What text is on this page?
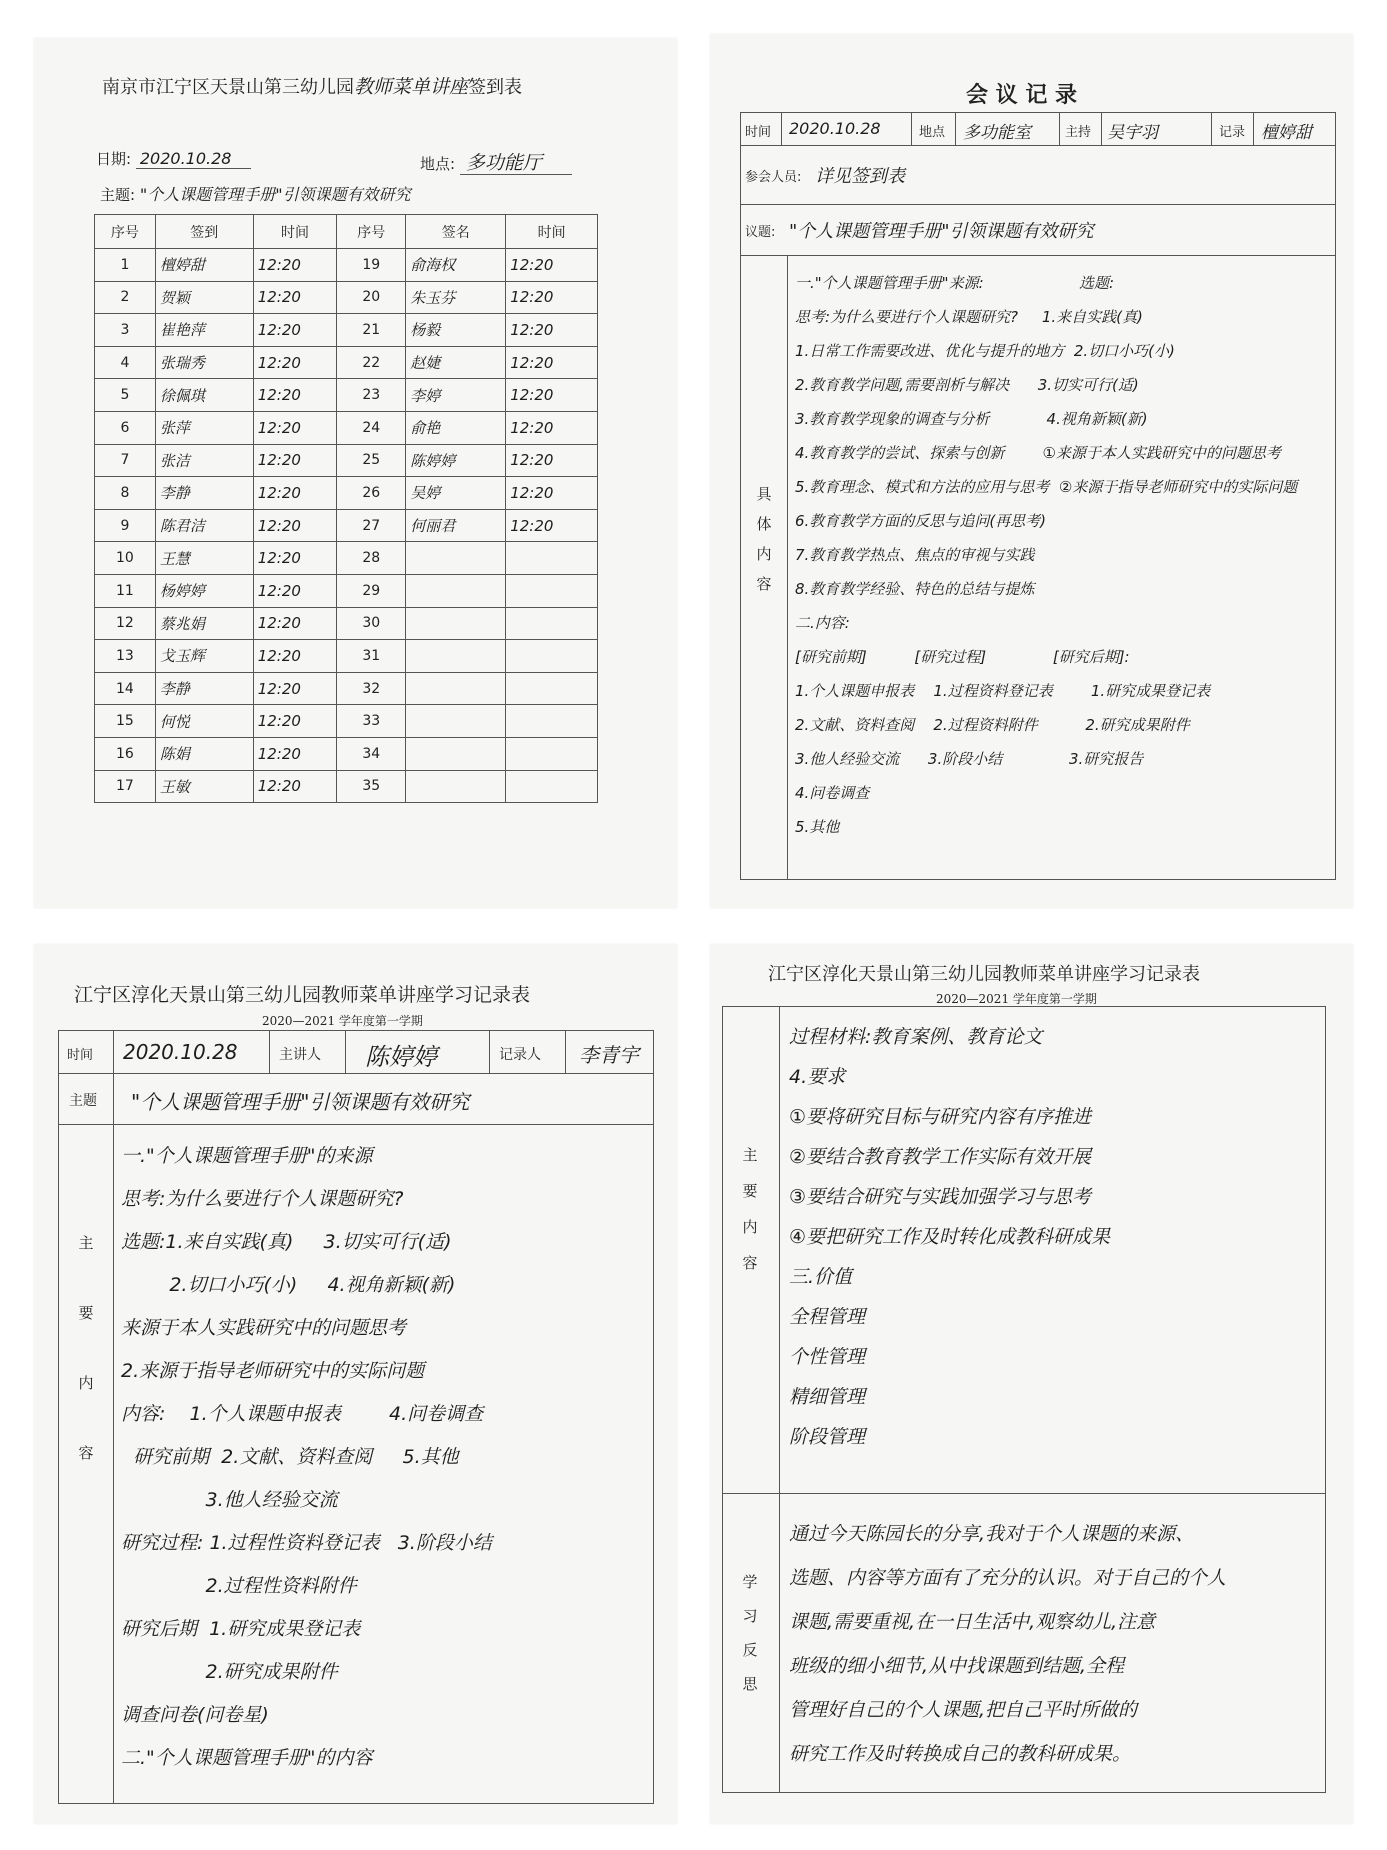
南京市江宁区天景山第三幼儿园教师菜单讲座签到表
日期: 2020.10.28	地点: 多功能厅
主题: "个人课题管理手册"引领课题有效研究
序号	签到	时间	序号	签名	时间
1	檀婷甜	12:20	19	俞海权	12:20
2	贺颖	12:20	20	朱玉芬	12:20
3	崔艳萍	12:20	21	杨毅	12:20
4	张瑞秀	12:20	22	赵婕	12:20
5	徐佩琪	12:20	23	李婷	12:20
6	张萍	12:20	24	俞艳	12:20
7	张洁	12:20	25	陈婷婷	12:20
8	李静	12:20	26	吴婷	12:20
9	陈君洁	12:20	27	何丽君	12:20
10	王慧	12:20	28		
11	杨婷婷	12:20	29		
12	蔡兆娟	12:20	30		
13	戈玉辉	12:20	31		
14	李静	12:20	32		
15	何悦	12:20	33		
16	陈娟	12:20	34		
17	王敏	12:20	35		
会 议 记 录
时间 2020.10.28	地点 多功能室	主持 吴宇羽	记录 檀婷甜
参会人员: 详见签到表
议题: "个人课题管理手册"引领课题有效研究
具
体
内
容
一."个人课题管理手册"来源:                    选题:
思考:为什么要进行个人课题研究?     1.来自实践(真)
1.日常工作需要改进、优化与提升的地方  2.切口小巧(小)
2.教育教学问题,需要剖析与解决      3.切实可行(适)
3.教育教学现象的调查与分析            4.视角新颖(新)
4.教育教学的尝试、探索与创新        ①来源于本人实践研究中的问题思考
5.教育理念、模式和方法的应用与思考  ②来源于指导老师研究中的实际问题
6.教育教学方面的反思与追问(再思考)
7.教育教学热点、焦点的审视与实践
8.教育教学经验、特色的总结与提炼
二.内容:
[研究前期]          [研究过程]              [研究后期]:
1.个人课题申报表    1.过程资料登记表        1.研究成果登记表
2.文献、资料查阅    2.过程资料附件          2.研究成果附件
3.他人经验交流      3.阶段小结              3.研究报告
4.问卷调查
5.其他
江宁区淳化天景山第三幼儿园教师菜单讲座学习记录表
2020—2021 学年度第一学期
时间 2020.10.28	主讲人 陈婷婷	记录人 李青宇
主题 "个人课题管理手册"引领课题有效研究
主
要
内
容
一."个人课题管理手册"的来源
思考:为什么要进行个人课题研究?
选题:1.来自实践(真)     3.切实可行(适)
2.切口小巧(小)     4.视角新颖(新)
来源于本人实践研究中的问题思考
2.来源于指导老师研究中的实际问题
内容:    1.个人课题申报表        4.问卷调查
研究前期  2.文献、资料查阅     5.其他
3.他人经验交流
研究过程: 1.过程性资料登记表   3.阶段小结
2.过程性资料附件
研究后期  1.研究成果登记表
2.研究成果附件
调查问卷(问卷星)
二."个人课题管理手册"的内容
江宁区淳化天景山第三幼儿园教师菜单讲座学习记录表
2020—2021 学年度第一学期
主
要
内
容
过程材料:教育案例、教育论文
4.要求
①要将研究目标与研究内容有序推进
②要结合教育教学工作实际有效开展
③要结合研究与实践加强学习与思考
④要把研究工作及时转化成教科研成果
三.价值
全程管理
个性管理
精细管理
阶段管理
学
习
反
思
通过今天陈园长的分享,我对于个人课题的来源、
选题、内容等方面有了充分的认识。对于自己的个人
课题,需要重视,在一日生活中,观察幼儿,注意
班级的细小细节,从中找课题到结题,全程
管理好自己的个人课题,把自己平时所做的
研究工作及时转换成自己的教科研成果。
